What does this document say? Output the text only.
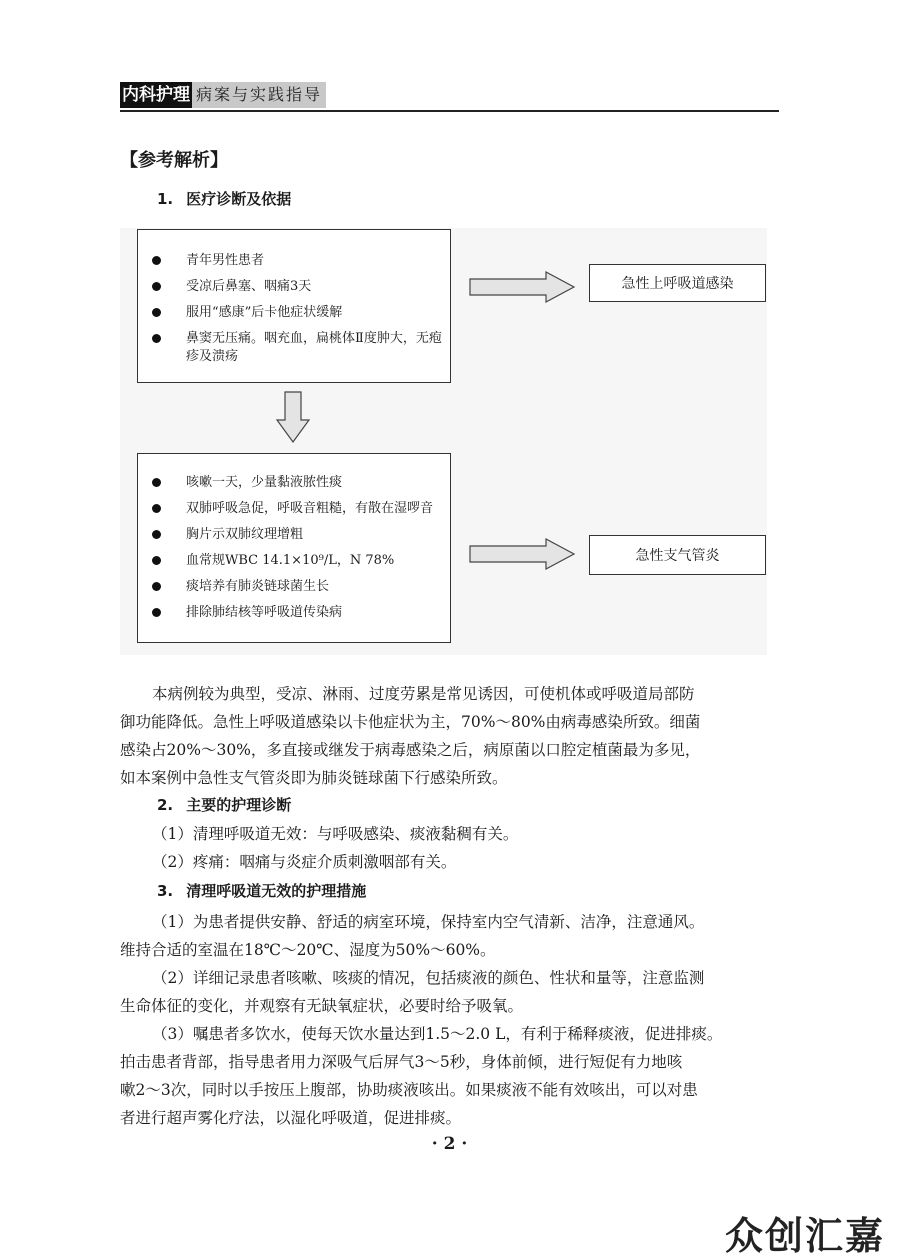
内科护理 病案与实践指导
【参考解析】
1. 医疗诊断及依据
青年男性患者
受凉后鼻塞、咽痛3天
服用“感康”后卡他症状缓解
鼻窦无压痛。咽充血，扁桃体Ⅱ度肿大，无疱疹及溃疡
急性上呼吸道感染
咳嗽一天，少量黏液脓性痰
双肺呼吸急促，呼吸音粗糙，有散在湿啰音
胸片示双肺纹理增粗
血常规WBC 14.1×10⁹/L，N 78%
痰培养有肺炎链球菌生长
排除肺结核等呼吸道传染病
急性支气管炎
本病例较为典型，受凉、淋雨、过度劳累是常见诱因，可使机体或呼吸道局部防
御功能降低。急性上呼吸道感染以卡他症状为主，70%～80%由病毒感染所致。细菌
感染占20%～30%，多直接或继发于病毒感染之后，病原菌以口腔定植菌最为多见，
如本案例中急性支气管炎即为肺炎链球菌下行感染所致。
2. 主要的护理诊断
（1）清理呼吸道无效：与呼吸感染、痰液黏稠有关。
（2）疼痛：咽痛与炎症介质刺激咽部有关。
3. 清理呼吸道无效的护理措施
（1）为患者提供安静、舒适的病室环境，保持室内空气清新、洁净，注意通风。
维持合适的室温在18℃～20℃、湿度为50%～60%。
（2）详细记录患者咳嗽、咳痰的情况，包括痰液的颜色、性状和量等，注意监测
生命体征的变化，并观察有无缺氧症状，必要时给予吸氧。
（3）嘱患者多饮水，使每天饮水量达到1.5～2.0 L，有利于稀释痰液，促进排痰。
拍击患者背部，指导患者用力深吸气后屏气3～5秒，身体前倾，进行短促有力地咳
嗽2～3次，同时以手按压上腹部，协助痰液咳出。如果痰液不能有效咳出，可以对患
者进行超声雾化疗法，以湿化呼吸道，促进排痰。
· 2 ·
众创汇嘉
